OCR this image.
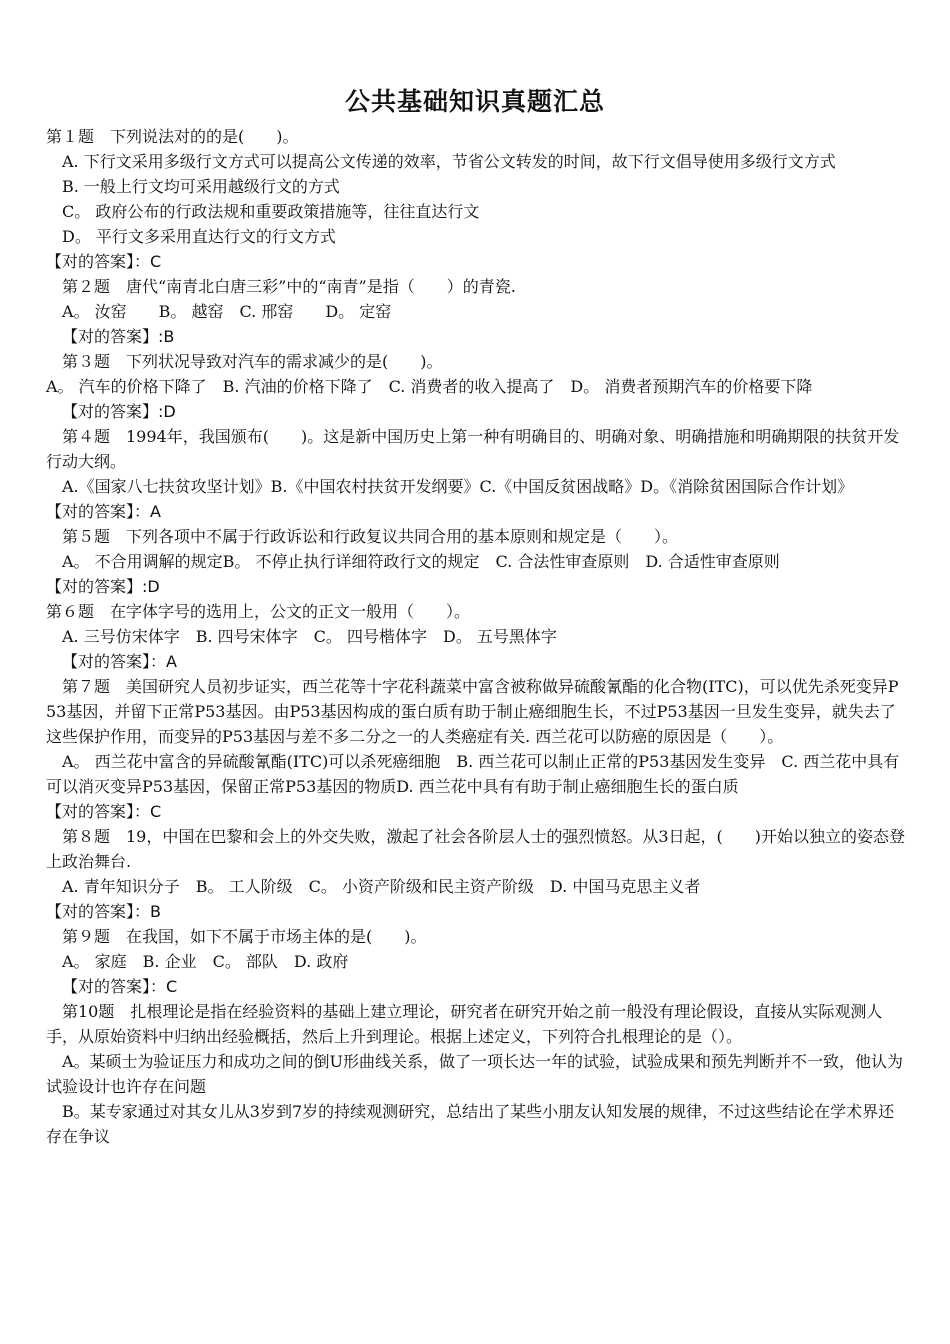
公共基础知识真题汇总

第１题　下列说法对的的是(　　)。

A. 下行文采用多级行文方式可以提高公文传递的效率，节省公文转发的时间，故下行文倡导使用多级行文方式

B. 一般上行文均可采用越级行文的方式

C。 政府公布的行政法规和重要政策措施等，往往直达行文

D。 平行文多采用直达行文的行文方式

【对的答案】：C

第２题　唐代“南青北白唐三彩”中的“南青”是指（　　）的青瓷.

A。 汝窑　　B。 越窑　C. 邢窑　　D。 定窑

【对的答案】:B

第３题　下列状况导致对汽车的需求减少的是(　　)。

A。 汽车的价格下降了　B. 汽油的价格下降了　C. 消费者的收入提高了　D。 消费者预期汽车的价格要下降

【对的答案】:D

第４题　1994年，我国颁布(　　)。这是新中国历史上第一种有明确目的、明确对象、明确措施和明确期限的扶贫开发行动大纲。

A.《国家八七扶贫攻坚计划》B.《中国农村扶贫开发纲要》C.《中国反贫困战略》D。《消除贫困国际合作计划》

【对的答案】：A

第５题　下列各项中不属于行政诉讼和行政复议共同合用的基本原则和规定是（　　）。

A。 不合用调解的规定B。 不停止执行详细符政行文的规定　C. 合法性审查原则　D. 合适性审查原则

【对的答案】:D

第６题　在字体字号的选用上，公文的正文一般用（　　）。

A. 三号仿宋体字　B. 四号宋体字　C。 四号楷体字　D。 五号黑体字

【对的答案】：A

第７题　美国研究人员初步证实，西兰花等十字花科蔬菜中富含被称做异硫酸氰酯的化合物(ITC)，可以优先杀死变异P53基因，并留下正常P53基因。由P53基因构成的蛋白质有助于制止癌细胞生长，不过P53基因一旦发生变异，就失去了这些保护作用，而变异的P53基因与差不多二分之一的人类癌症有关. 西兰花可以防癌的原因是（　　）。

A。 西兰花中富含的异硫酸氰酯(ITC)可以杀死癌细胞　B. 西兰花可以制止正常的P53基因发生变异　C. 西兰花中具有可以消灭变异P53基因，保留正常P53基因的物质D. 西兰花中具有有助于制止癌细胞生长的蛋白质

【对的答案】：C

第８题　19，中国在巴黎和会上的外交失败，激起了社会各阶层人士的强烈愤怒。从3日起，(　　)开始以独立的姿态登上政治舞台.

A. 青年知识分子　B。 工人阶级　C。 小资产阶级和民主资产阶级　D. 中国马克思主义者

【对的答案】：B

第９题　在我国，如下不属于市场主体的是(　　)。

A。 家庭　B. 企业　C。 部队　D. 政府

【对的答案】：C

第10题　扎根理论是指在经验资料的基础上建立理论，研究者在研究开始之前一般没有理论假设，直接从实际观测人手，从原始资料中归纳出经验概括，然后上升到理论。根据上述定义，下列符合扎根理论的是（）。

A。某硕士为验证压力和成功之间的倒U形曲线关系，做了一项长达一年的试验，试验成果和预先判断并不一致，他认为试验设计也许存在问题

B。某专家通过对其女儿从3岁到7岁的持续观测研究，总结出了某些小朋友认知发展的规律，不过这些结论在学术界还存在争议
